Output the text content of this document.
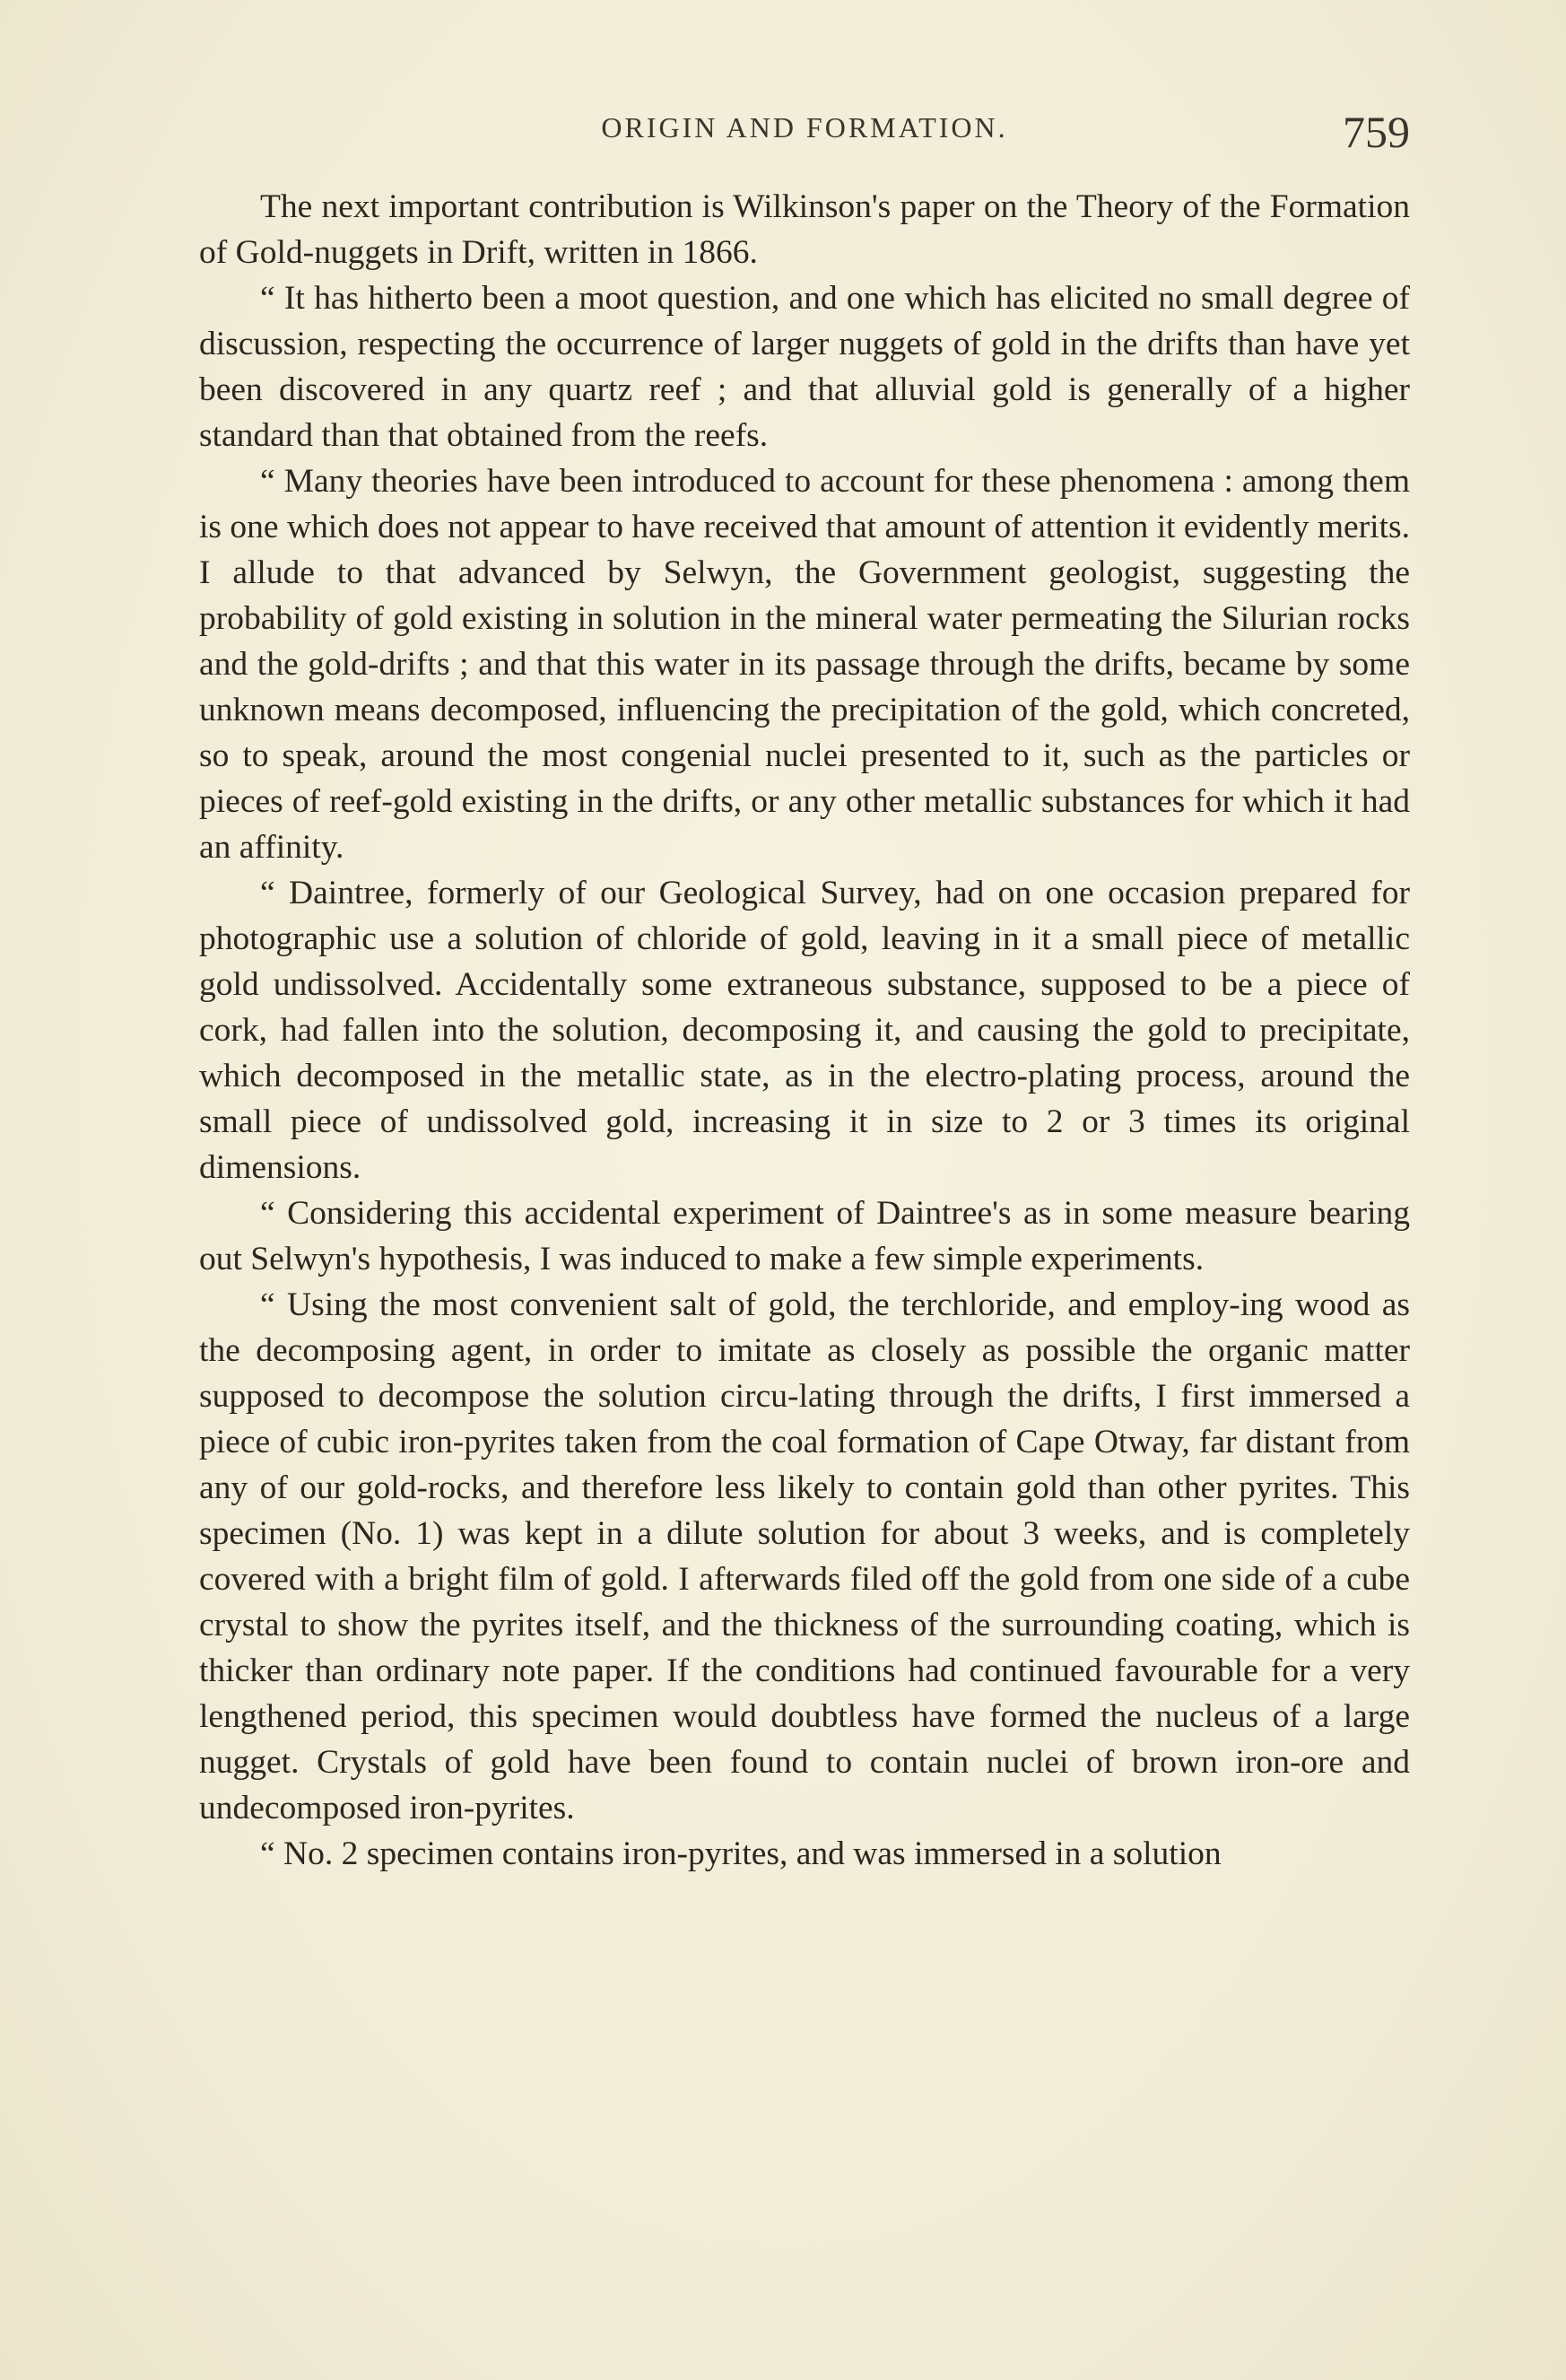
ORIGIN AND FORMATION.	759

The next important contribution is Wilkinson's paper on the Theory of the Formation of Gold-nuggets in Drift, written in 1866.

“ It has hitherto been a moot question, and one which has elicited no small degree of discussion, respecting the occurrence of larger nuggets of gold in the drifts than have yet been discovered in any quartz reef ; and that alluvial gold is generally of a higher standard than that obtained from the reefs.

“ Many theories have been introduced to account for these phenomena : among them is one which does not appear to have received that amount of attention it evidently merits. I allude to that advanced by Selwyn, the Government geologist, suggesting the probability of gold existing in solution in the mineral water permeating the Silurian rocks and the gold-drifts ; and that this water in its passage through the drifts, became by some unknown means decomposed, influencing the precipitation of the gold, which concreted, so to speak, around the most congenial nuclei presented to it, such as the particles or pieces of reef-gold existing in the drifts, or any other metallic substances for which it had an affinity.

“ Daintree, formerly of our Geological Survey, had on one occasion prepared for photographic use a solution of chloride of gold, leaving in it a small piece of metallic gold undissolved. Accidentally some extraneous substance, supposed to be a piece of cork, had fallen into the solution, decomposing it, and causing the gold to precipitate, which decomposed in the metallic state, as in the electro-plating process, around the small piece of undissolved gold, increasing it in size to 2 or 3 times its original dimensions.

“ Considering this accidental experiment of Daintree's as in some measure bearing out Selwyn's hypothesis, I was induced to make a few simple experiments.

“ Using the most convenient salt of gold, the terchloride, and employ-ing wood as the decomposing agent, in order to imitate as closely as possible the organic matter supposed to decompose the solution circu-lating through the drifts, I first immersed a piece of cubic iron-pyrites taken from the coal formation of Cape Otway, far distant from any of our gold-rocks, and therefore less likely to contain gold than other pyrites. This specimen (No. 1) was kept in a dilute solution for about 3 weeks, and is completely covered with a bright film of gold. I afterwards filed off the gold from one side of a cube crystal to show the pyrites itself, and the thickness of the surrounding coating, which is thicker than ordinary note paper. If the conditions had continued favourable for a very lengthened period, this specimen would doubtless have formed the nucleus of a large nugget. Crystals of gold have been found to contain nuclei of brown iron-ore and undecomposed iron-pyrites.

“ No. 2 specimen contains iron-pyrites, and was immersed in a solution
